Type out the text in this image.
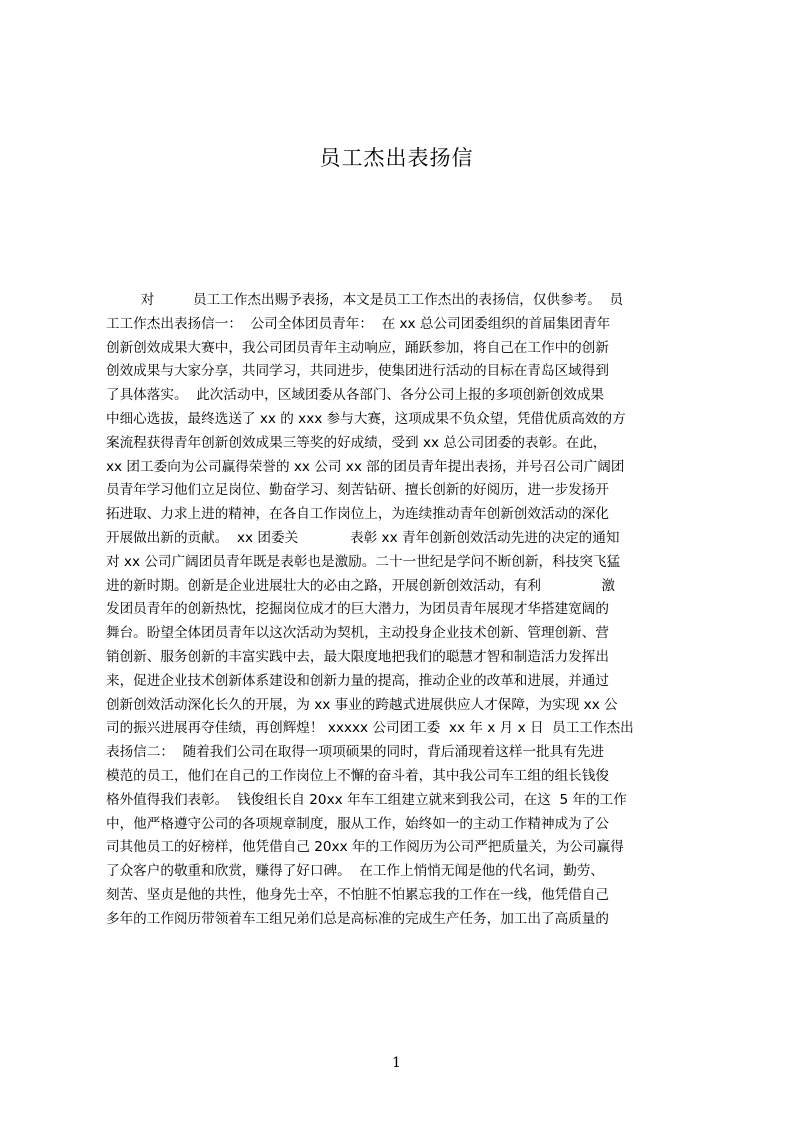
员工杰出表扬信
对         员工工作杰出赐予表扬，本文是员工工作杰出的表扬信，仅供参考。  员
工工作杰出表扬信一：  公司全体团员青年：  在 xx 总公司团委组织的首届集团青年
创新创效成果大赛中，我公司团员青年主动响应，踊跃参加，将自己在工作中的创新
创效成果与大家分享，共同学习，共同进步，使集团进行活动的目标在青岛区域得到
了具体落实。  此次活动中，区域团委从各部门、各分公司上报的多项创新创效成果
中细心选拔，最终选送了 xx 的 xxx 参与大赛，这项成果不负众望，凭借优质高效的方
案流程获得青年创新创效成果三等奖的好成绩，受到 xx 总公司团委的表彰。在此，
xx 团工委向为公司赢得荣誉的 xx 公司 xx 部的团员青年提出表扬，并号召公司广阔团
员青年学习他们立足岗位、勤奋学习、刻苦钻研、擅长创新的好阅历，进一步发扬开
拓进取、力求上进的精神，在各自工作岗位上，为连续推动青年创新创效活动的深化
开展做出新的贡献。  xx 团委关            表彰 xx 青年创新创效活动先进的决定的通知
对 xx 公司广阔团员青年既是表彰也是激励。二十一世纪是学问不断创新，科技突飞猛
进的新时期。创新是企业进展壮大的必由之路，开展创新创效活动，有利              激
发团员青年的创新热忱，挖掘岗位成才的巨大潜力，为团员青年展现才华搭建宽阔的
舞台。盼望全体团员青年以这次活动为契机，主动投身企业技术创新、管理创新、营
销创新、服务创新的丰富实践中去，最大限度地把我们的聪慧才智和制造活力发挥出
来，促进企业技术创新体系建设和创新力量的提高，推动企业的改革和进展，并通过
创新创效活动深化长久的开展，为 xx 事业的跨越式进展供应人才保障，为实现 xx 公
司的振兴进展再夺佳绩，再创辉煌！ xxxxx 公司团工委  xx 年 x 月 x 日  员工工作杰出
表扬信二：  随着我们公司在取得一项项硕果的同时，背后涌现着这样一批具有先进
模范的员工，他们在自己的工作岗位上不懈的奋斗着，其中我公司车工组的组长钱俊
格外值得我们表彰。  钱俊组长自 20xx 年车工组建立就来到我公司，在这  5 年的工作
中，他严格遵守公司的各项规章制度，服从工作，始终如一的主动工作精神成为了公
司其他员工的好榜样，他凭借自己 20xx 年的工作阅历为公司严把质量关，为公司赢得
了众客户的敬重和欣赏，赚得了好口碑。  在工作上悄悄无闻是他的代名词，勤劳、
刻苦、坚贞是他的共性，他身先士卒，不怕脏不怕累忘我的工作在一线，他凭借自己
多年的工作阅历带领着车工组兄弟们总是高标准的完成生产任务，加工出了高质量的
1
